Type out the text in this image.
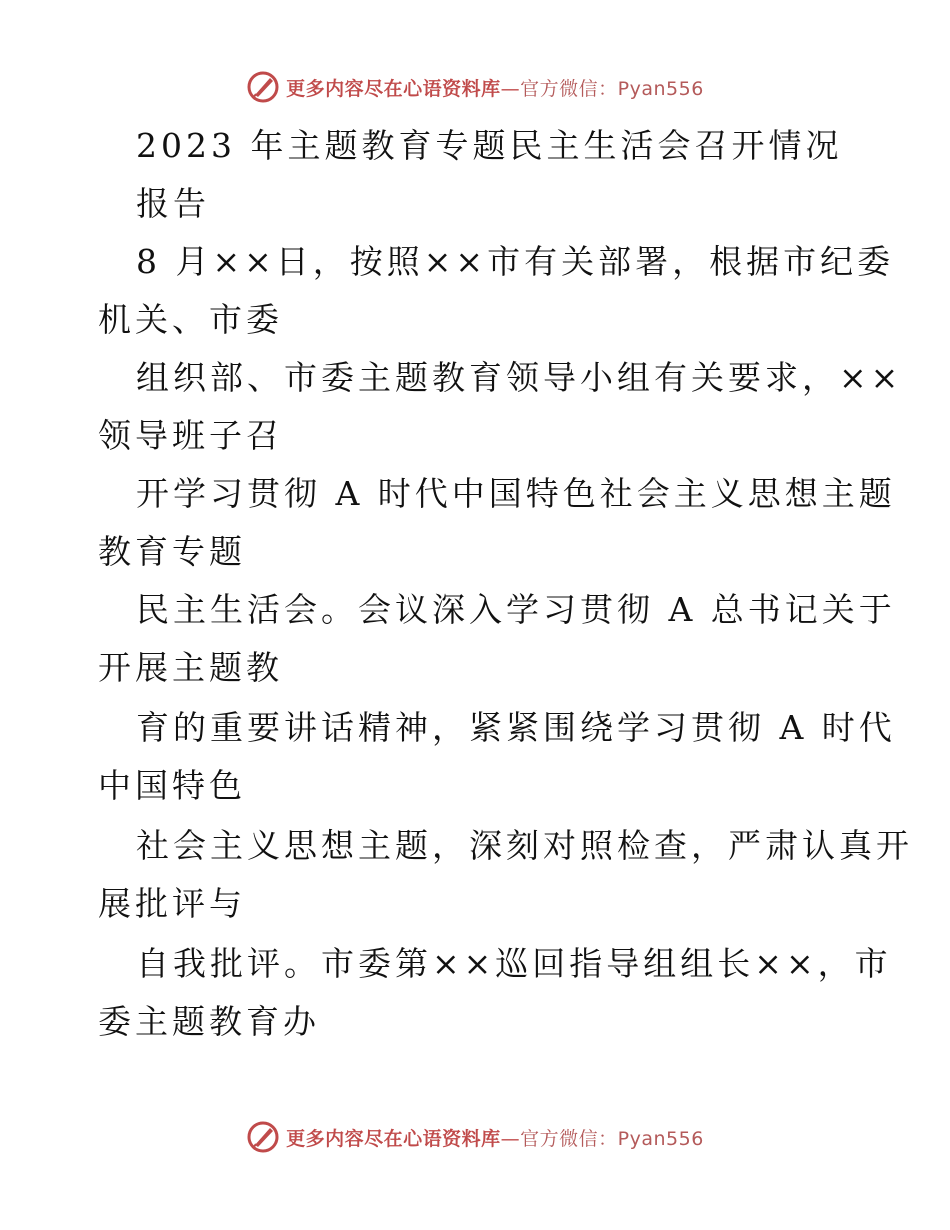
更多内容尽在心语资料库—官方微信：Pyan556
2023 年主题教育专题民主生活会召开情况
报告
8 月××日，按照××市有关部署，根据市纪委
机关、市委
组织部、市委主题教育领导小组有关要求，××
领导班子召
开学习贯彻 A 时代中国特色社会主义思想主题
教育专题
民主生活会。会议深入学习贯彻 A 总书记关于
开展主题教
育的重要讲话精神，紧紧围绕学习贯彻 A 时代
中国特色
社会主义思想主题，深刻对照检查，严肃认真开
展批评与
自我批评。市委第××巡回指导组组长××，市
委主题教育办
更多内容尽在心语资料库—官方微信：Pyan556
